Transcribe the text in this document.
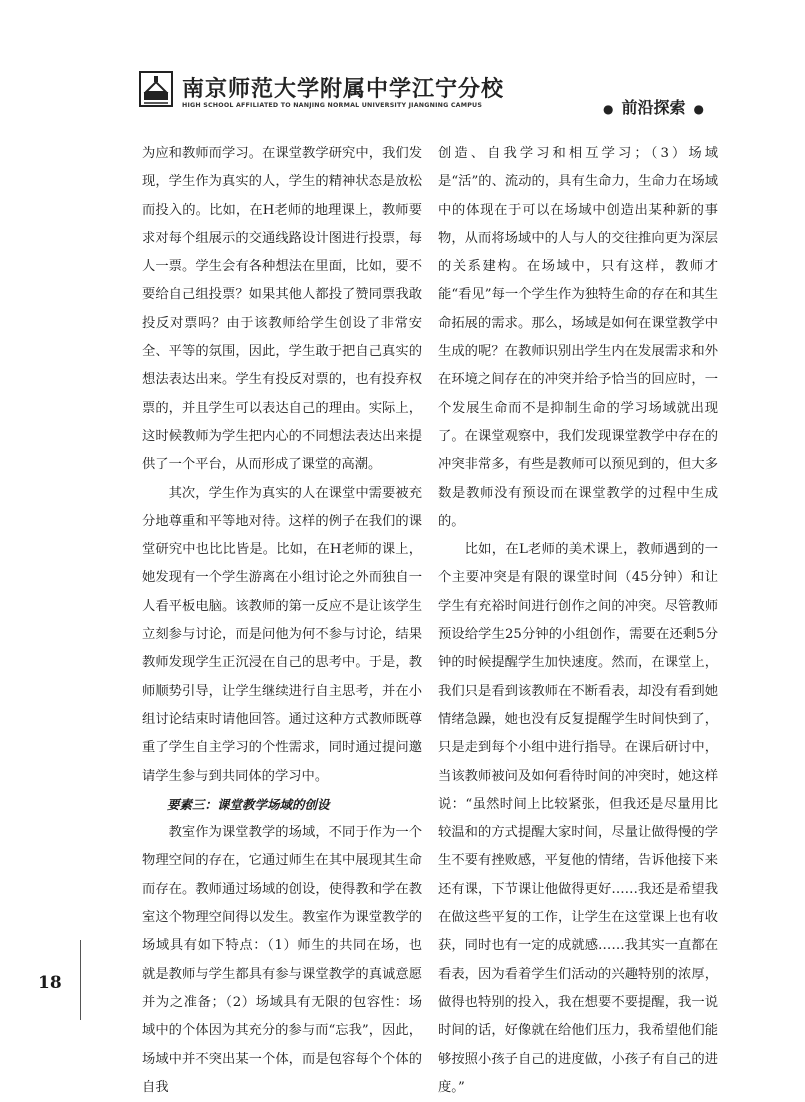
南京师范大学附属中学江宁分校
HIGH SCHOOL AFFILIATED TO NANJING NORMAL UNIVERSITY JIANGNING CAMPUS	● 前沿探索 ●

为应和教师而学习。在课堂教学研究中，我们发现，学生作为真实的人，学生的精神状态是放松而投入的。比如，在H老师的地理课上，教师要求对每个组展示的交通线路设计图进行投票，每人一票。学生会有各种想法在里面，比如，要不要给自己组投票？如果其他人都投了赞同票我敢投反对票吗？由于该教师给学生创设了非常安全、平等的氛围，因此，学生敢于把自己真实的想法表达出来。学生有投反对票的，也有投弃权票的，并且学生可以表达自己的理由。实际上，这时候教师为学生把内心的不同想法表达出来提供了一个平台，从而形成了课堂的高潮。

其次，学生作为真实的人在课堂中需要被充分地尊重和平等地对待。这样的例子在我们的课堂研究中也比比皆是。比如，在H老师的课上，她发现有一个学生游离在小组讨论之外而独自一人看平板电脑。该教师的第一反应不是让该学生立刻参与讨论，而是问他为何不参与讨论，结果教师发现学生正沉浸在自己的思考中。于是，教师顺势引导，让学生继续进行自主思考，并在小组讨论结束时请他回答。通过这种方式教师既尊重了学生自主学习的个性需求，同时通过提问邀请学生参与到共同体的学习中。

要素三：课堂教学场域的创设

教室作为课堂教学的场域，不同于作为一个物理空间的存在，它通过师生在其中展现其生命而存在。教师通过场域的创设，使得教和学在教室这个物理空间得以发生。教室作为课堂教学的场域具有如下特点：（1）师生的共同在场，也就是教师与学生都具有参与课堂教学的真诚意愿并为之准备；（2）场域具有无限的包容性：场域中的个体因为其充分的参与而“忘我”，因此，场域中并不突出某一个体，而是包容每个个体的自我

创造、自我学习和相互学习；（3）场域是“活”的、流动的，具有生命力，生命力在场域中的体现在于可以在场域中创造出某种新的事物，从而将场域中的人与人的交往推向更为深层的关系建构。在场域中，只有这样，教师才能“看见”每一个学生作为独特生命的存在和其生命拓展的需求。那么，场域是如何在课堂教学中生成的呢？在教师识别出学生内在发展需求和外在环境之间存在的冲突并给予恰当的回应时，一个发展生命而不是抑制生命的学习场域就出现了。在课堂观察中，我们发现课堂教学中存在的冲突非常多，有些是教师可以预见到的，但大多数是教师没有预设而在课堂教学的过程中生成的。

比如，在L老师的美术课上，教师遇到的一个主要冲突是有限的课堂时间（45分钟）和让学生有充裕时间进行创作之间的冲突。尽管教师预设给学生25分钟的小组创作，需要在还剩5分钟的时候提醒学生加快速度。然而，在课堂上，我们只是看到该教师在不断看表，却没有看到她情绪急躁，她也没有反复提醒学生时间快到了，只是走到每个小组中进行指导。在课后研讨中，当该教师被问及如何看待时间的冲突时，她这样说：“虽然时间上比较紧张，但我还是尽量用比较温和的方式提醒大家时间，尽量让做得慢的学生不要有挫败感，平复他的情绪，告诉他接下来还有课，下节课让他做得更好……我还是希望我在做这些平复的工作，让学生在这堂课上也有收获，同时也有一定的成就感……我其实一直都在看表，因为看着学生们活动的兴趣特别的浓厚，做得也特别的投入，我在想要不要提醒，我一说时间的话，好像就在给他们压力，我希望他们能够按照小孩子自己的进度做，小孩子有自己的进度。”

18
